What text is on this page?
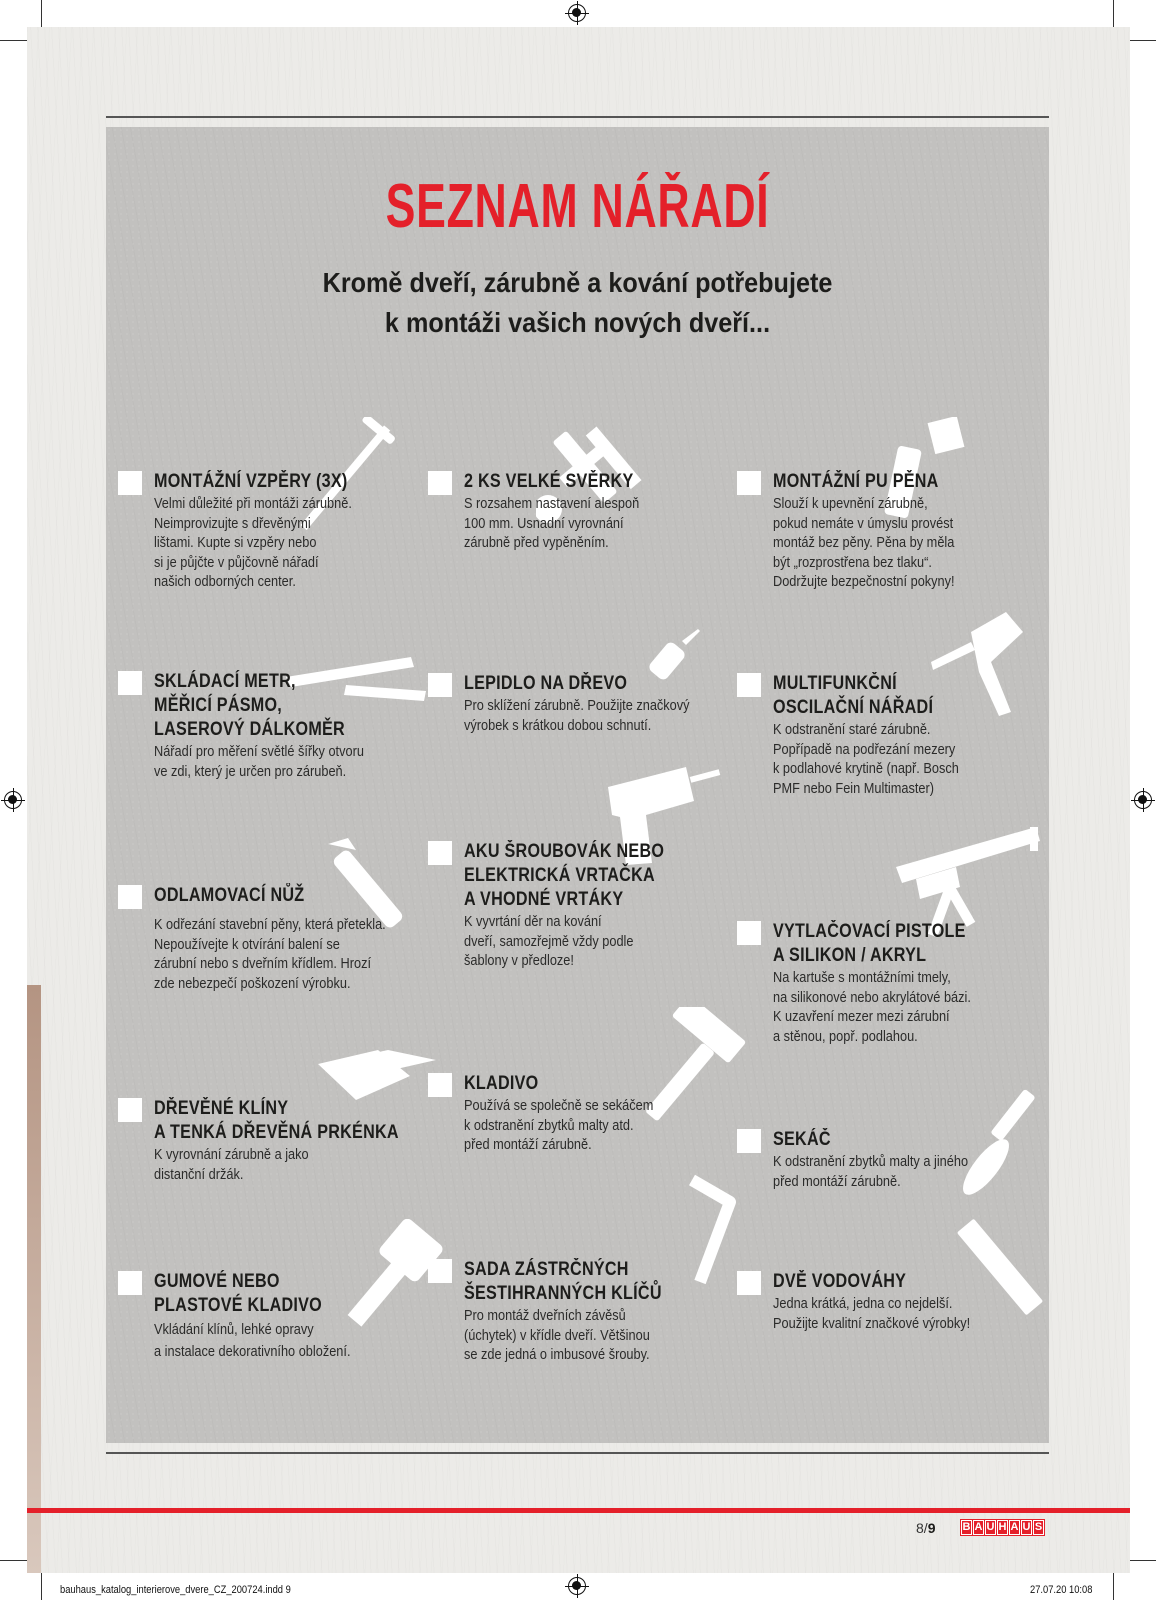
SEZNAM NÁŘADÍ
Kromě dveří, zárubně a kování potřebujete
k montáži vašich nových dveří...
MONTÁŽNÍ VZPĚRY (3X)
Velmi důležité při montáži zárubně.
Neimprovizujte s dřevěnými
lištami. Kupte si vzpěry nebo
si je půjčte v půjčovně nářadí
našich odborných center.
2 KS VELKÉ SVĚRKY
S rozsahem nastavení alespoň
100 mm. Usnadní vyrovnání
zárubně před vypěněním.
MONTÁŽNÍ PU PĚNA
Slouží k upevnění zárubně,
pokud nemáte v úmyslu provést
montáž bez pěny. Pěna by měla
být „rozprostřena bez tlaku“.
Dodržujte bezpečnostní pokyny!
SKLÁDACÍ METR,
MĚŘICÍ PÁSMO,
LASEROVÝ DÁLKOMĚR
Nářadí pro měření světlé šířky otvoru
ve zdi, který je určen pro zárubeň.
LEPIDLO NA DŘEVO
Pro sklížení zárubně. Použijte značkový
výrobek s krátkou dobou schnutí.
MULTIFUNKČNÍ
OSCILAČNÍ NÁŘADÍ
K odstranění staré zárubně.
Popřípadě na podřezání mezery
k podlahové krytině (např. Bosch
PMF nebo Fein Multimaster)
ODLAMOVACÍ NŮŽ
K odřezání stavební pěny, která přetekla.
Nepoužívejte k otvírání balení se
zárubní nebo s dveřním křídlem. Hrozí
zde nebezpečí poškození výrobku.
AKU ŠROUBOVÁK NEBO
ELEKTRICKÁ VRTAČKA
A VHODNÉ VRTÁKY
K vyvrtání děr na kování
dveří, samozřejmě vždy podle
šablony v předloze!
VYTLAČOVACÍ PISTOLE
A SILIKON / AKRYL
Na kartuše s montážními tmely,
na silikonové nebo akrylátové bázi.
K uzavření mezer mezi zárubní
a stěnou, popř. podlahou.
DŘEVĚNÉ KLÍNY
A TENKÁ DŘEVĚNÁ PRKÉNKA
K vyrovnání zárubně a jako
distanční držák.
KLADIVO
Používá se společně se sekáčem
k odstranění zbytků malty atd.
před montáží zárubně.	SEKÁČ
K odstranění zbytků malty a jiného
před montáží zárubně.
GUMOVÉ NEBO
PLASTOVÉ KLADIVO
Vkládání klínů, lehké opravy
a instalace dekorativního obložení.
SADA ZÁSTRČNÝCH
ŠESTIHRANNÝCH KLÍČŮ
Pro montáž dveřních závěsů
(úchytek) v křídle dveří. Většinou
se zde jedná o imbusové šrouby.
DVĚ VODOVÁHY
Jedna krátká, jedna co nejdelší.
Použijte kvalitní značkové výrobky!
8/9 B A U H A U S
bauhaus_katalog_interierove_dvere_CZ_200724.indd 9	27.07.20 10:08
